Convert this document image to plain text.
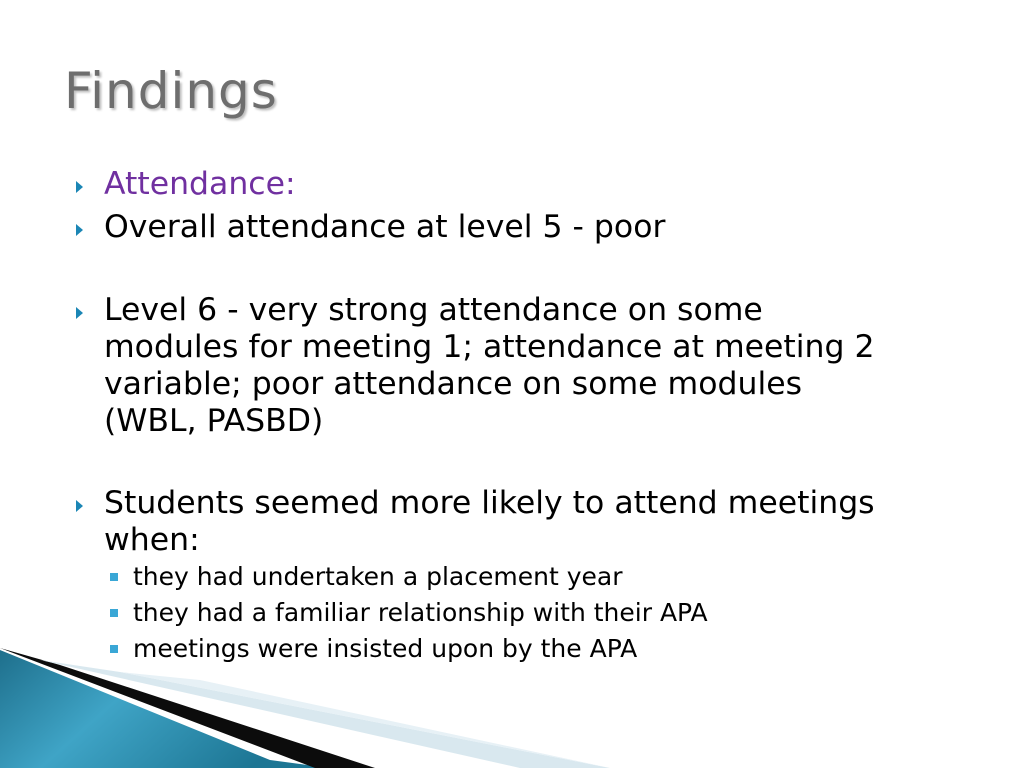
Findings
Attendance:
Overall attendance at level 5 - poor
Level 6 - very strong attendance on some
modules for meeting 1; attendance at meeting 2
variable; poor attendance on some modules
(WBL, PASBD)
Students seemed more likely to attend meetings
when:
they had undertaken a placement year
they had a familiar relationship with their APA
meetings were insisted upon by the APA
